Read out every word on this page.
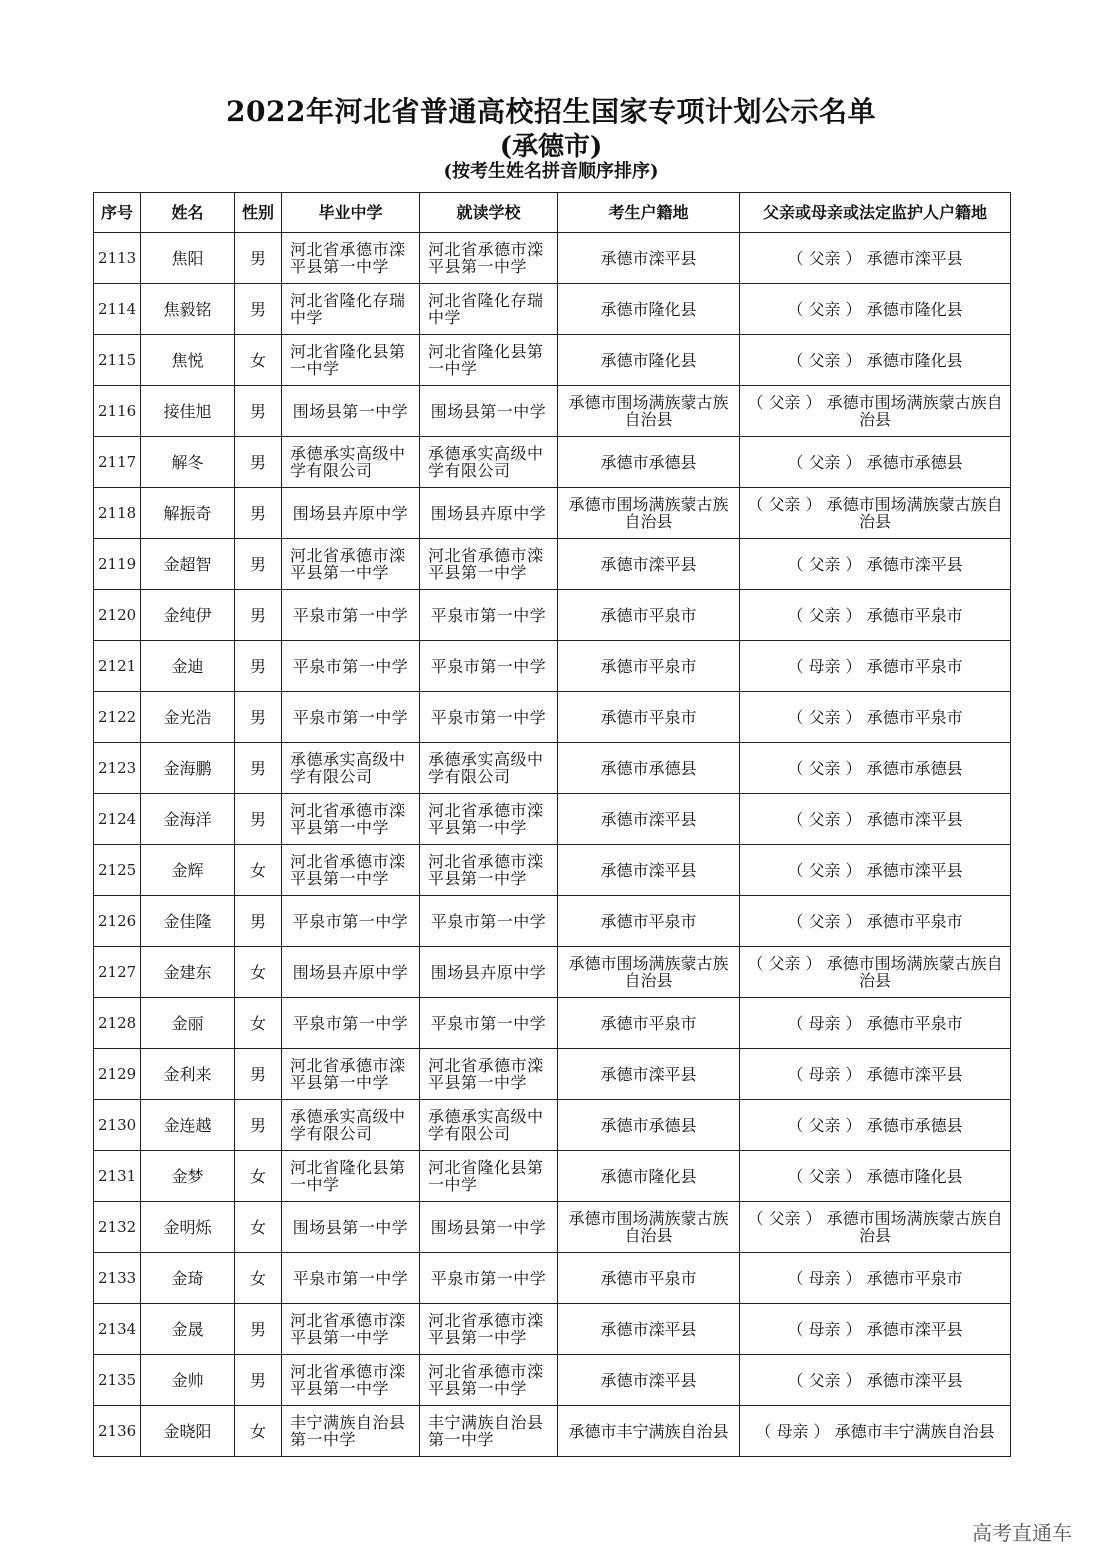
2022年河北省普通高校招生国家专项计划公示名单
(承德市)
(按考生姓名拼音顺序排序)
序号	姓名	性别	毕业中学	就读学校	考生户籍地	父亲或母亲或法定监护人户籍地
2113	焦阳	男	河北省承德市滦平县第一中学	河北省承德市滦平县第一中学	承德市滦平县	（ 父亲 ） 承德市滦平县
2114	焦毅铭	男	河北省隆化存瑞中学	河北省隆化存瑞中学	承德市隆化县	（ 父亲 ） 承德市隆化县
2115	焦悦	女	河北省隆化县第一中学	河北省隆化县第一中学	承德市隆化县	（ 父亲 ） 承德市隆化县
2116	接佳旭	男	围场县第一中学	围场县第一中学	承德市围场满族蒙古族自治县	（ 父亲 ） 承德市围场满族蒙古族自治县
2117	解冬	男	承德承实高级中学有限公司	承德承实高级中学有限公司	承德市承德县	（ 父亲 ） 承德市承德县
2118	解振奇	男	围场县卉原中学	围场县卉原中学	承德市围场满族蒙古族自治县	（ 父亲 ） 承德市围场满族蒙古族自治县
2119	金超智	男	河北省承德市滦平县第一中学	河北省承德市滦平县第一中学	承德市滦平县	（ 父亲 ） 承德市滦平县
2120	金纯伊	男	平泉市第一中学	平泉市第一中学	承德市平泉市	（ 父亲 ） 承德市平泉市
2121	金迪	男	平泉市第一中学	平泉市第一中学	承德市平泉市	（ 母亲 ） 承德市平泉市
2122	金光浩	男	平泉市第一中学	平泉市第一中学	承德市平泉市	（ 父亲 ） 承德市平泉市
2123	金海鹏	男	承德承实高级中学有限公司	承德承实高级中学有限公司	承德市承德县	（ 父亲 ） 承德市承德县
2124	金海洋	男	河北省承德市滦平县第一中学	河北省承德市滦平县第一中学	承德市滦平县	（ 父亲 ） 承德市滦平县
2125	金辉	女	河北省承德市滦平县第一中学	河北省承德市滦平县第一中学	承德市滦平县	（ 父亲 ） 承德市滦平县
2126	金佳隆	男	平泉市第一中学	平泉市第一中学	承德市平泉市	（ 父亲 ） 承德市平泉市
2127	金建东	女	围场县卉原中学	围场县卉原中学	承德市围场满族蒙古族自治县	（ 父亲 ） 承德市围场满族蒙古族自治县
2128	金丽	女	平泉市第一中学	平泉市第一中学	承德市平泉市	（ 母亲 ） 承德市平泉市
2129	金利来	男	河北省承德市滦平县第一中学	河北省承德市滦平县第一中学	承德市滦平县	（ 母亲 ） 承德市滦平县
2130	金连越	男	承德承实高级中学有限公司	承德承实高级中学有限公司	承德市承德县	（ 父亲 ） 承德市承德县
2131	金梦	女	河北省隆化县第一中学	河北省隆化县第一中学	承德市隆化县	（ 父亲 ） 承德市隆化县
2132	金明烁	女	围场县第一中学	围场县第一中学	承德市围场满族蒙古族自治县	（ 父亲 ） 承德市围场满族蒙古族自治县
2133	金琦	女	平泉市第一中学	平泉市第一中学	承德市平泉市	（ 母亲 ） 承德市平泉市
2134	金晟	男	河北省承德市滦平县第一中学	河北省承德市滦平县第一中学	承德市滦平县	（ 母亲 ） 承德市滦平县
2135	金帅	男	河北省承德市滦平县第一中学	河北省承德市滦平县第一中学	承德市滦平县	（ 父亲 ） 承德市滦平县
2136	金晓阳	女	丰宁满族自治县第一中学	丰宁满族自治县第一中学	承德市丰宁满族自治县	（ 母亲 ） 承德市丰宁满族自治县
高考直通车
